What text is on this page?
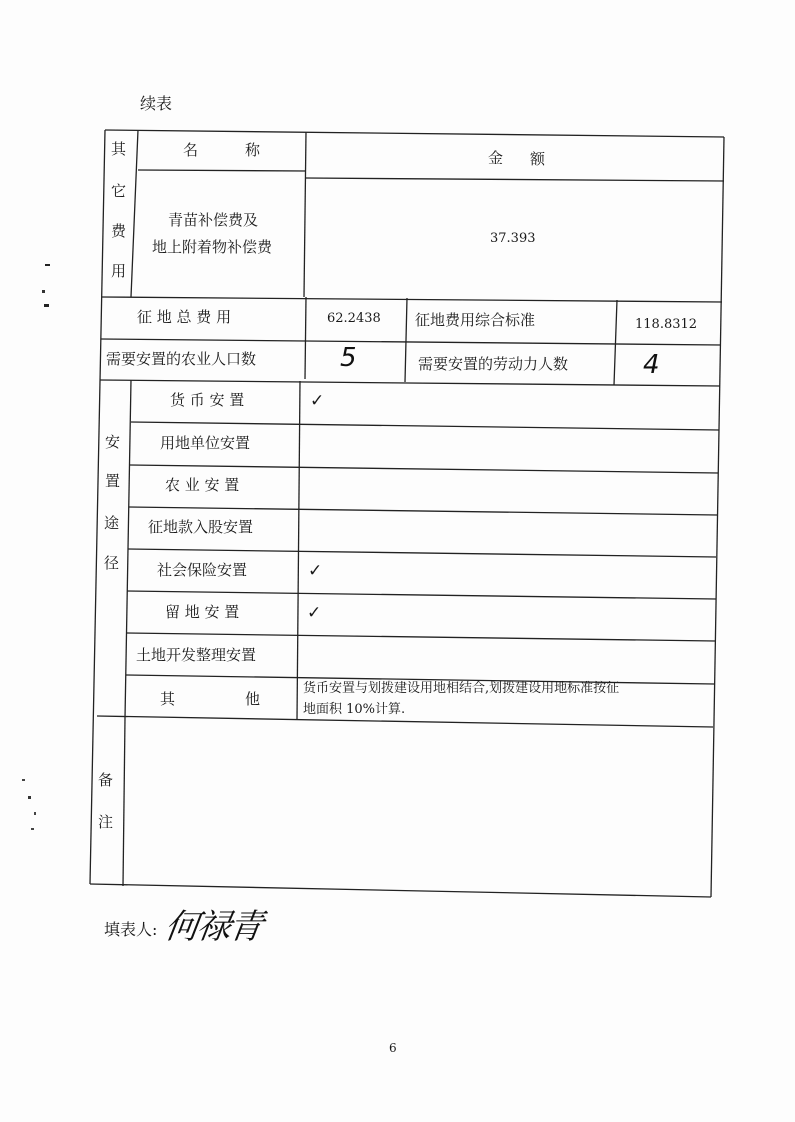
续表
其
它
费
用
名	称	金 额
青苗补偿费及
地上附着物补偿费	37.393
征 地 总 费 用	62.2438 征地费用综合标准	118.8312
需要安置的农业人口数	5	需要安置的劳动力人数	4
安
置
途
径
货 币 安 置	✓
用地单位安置
农 业 安 置
征地款入股安置
社会保险安置	✓
留 地 安 置	✓
土地开发整理安置
其	他
货币安置与划拨建设用地相结合,划拨建设用地标准按征
地面积 10%计算.
备
注
填表人: 何禄青
6
